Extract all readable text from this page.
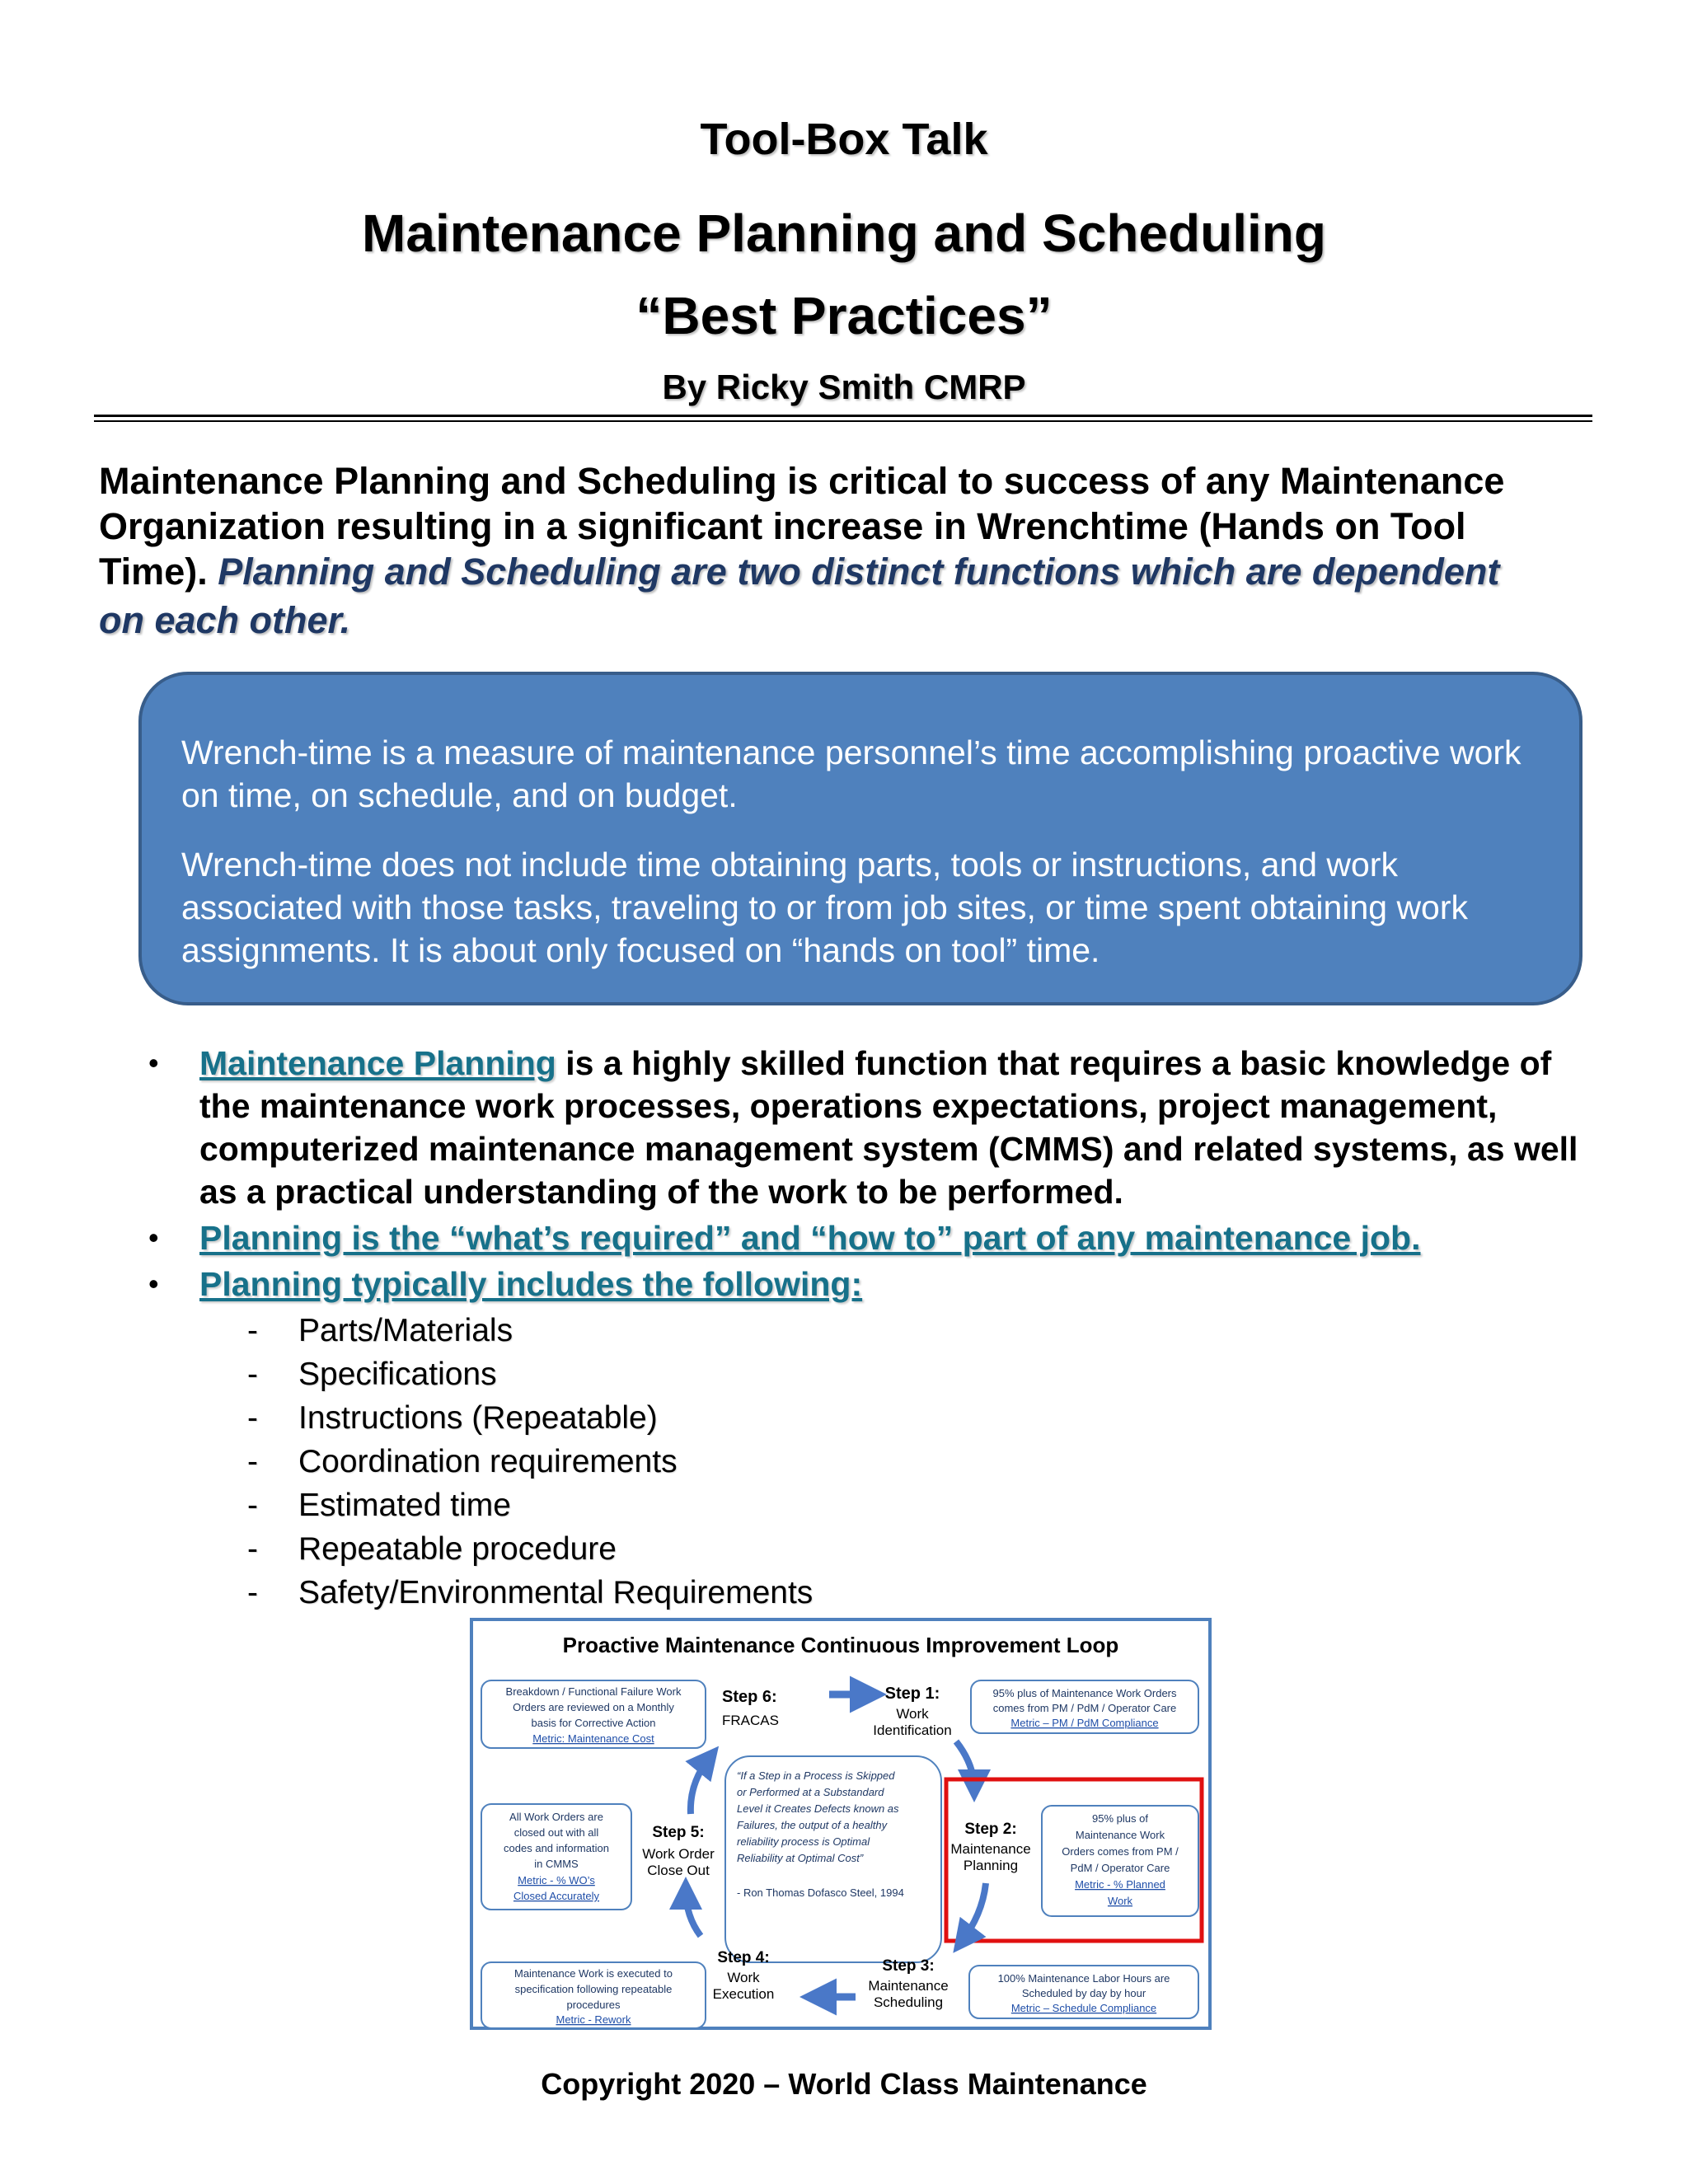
Tool-Box Talk
Maintenance Planning and Scheduling
“Best Practices”
By Ricky Smith CMRP
Maintenance Planning and Scheduling is critical to success of any Maintenance
Organization resulting in a significant increase in Wrenchtime (Hands on Tool
Time). Planning and Scheduling are two distinct functions which are dependent
on each other.

Wrench-time is a measure of maintenance personnel’s time accomplishing proactive work on time, on schedule, and on budget.

Wrench-time does not include time obtaining parts, tools or instructions, and work associated with those tasks, traveling to or from job sites, or time spent obtaining work assignments. It is about only focused on “hands on tool” time.

• Maintenance Planning is a highly skilled function that requires a basic knowledge of the maintenance work processes, operations expectations, project management, computerized maintenance management system (CMMS) and related systems, as well as a practical understanding of the work to be performed.
• Planning is the “what’s required” and “how to” part of any maintenance job.
• Planning typically includes the following:
- Parts/Materials
- Specifications
- Instructions (Repeatable)
- Coordination requirements
- Estimated time
- Repeatable procedure
- Safety/Environmental Requirements
Proactive Maintenance Continuous Improvement Loop
Breakdown / Functional Failure Work
Orders are reviewed on a Monthly
basis for Corrective Action
Metric: Maintenance Cost
Step 6:
FRACAS
Step 1:
Work
Identification
95% plus of Maintenance Work Orders
comes from PM / PdM / Operator Care
Metric – PM / PdM Compliance
“If a Step in a Process is Skipped
or Performed at a Substandard
Level it Creates Defects known as
Failures, the output of a healthy
reliability process is Optimal
Reliability at Optimal Cost”
- Ron Thomas Dofasco Steel, 1994
Step 5:
Work Order
Close Out
All Work Orders are
closed out with all
codes and information
in CMMS
Metric - % WO’s
Closed Accurately
Step 2:
Maintenance
Planning
95% plus of
Maintenance Work
Orders comes from PM /
PdM / Operator Care
Metric - % Planned
Work
Step 3:
Maintenance
Scheduling
100% Maintenance Labor Hours are
Scheduled by day by hour
Metric – Schedule Compliance
Step 4:
Work
Execution
Maintenance Work is executed to
specification following repeatable
procedures
Metric - Rework
Copyright 2020 – World Class Maintenance
